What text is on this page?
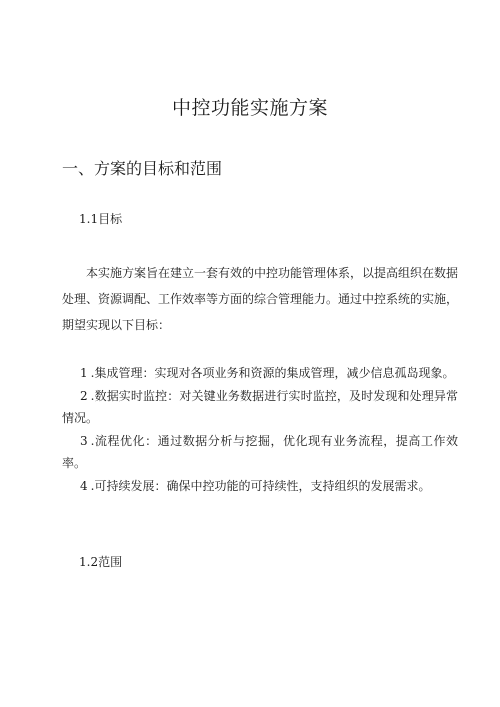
中控功能实施方案
一、方案的目标和范围
1.1目标

本实施方案旨在建立一套有效的中控功能管理体系，以提高组织在数据处理、资源调配、工作效率等方面的综合管理能力。通过中控系统的实施，期望实现以下目标：

1 .集成管理：实现对各项业务和资源的集成管理，减少信息孤岛现象。
2 .数据实时监控：对关键业务数据进行实时监控，及时发现和处理异常情况。
3 .流程优化：通过数据分析与挖掘，优化现有业务流程，提高工作效率。
4 .可持续发展：确保中控功能的可持续性，支持组织的发展需求。
1.2范围
